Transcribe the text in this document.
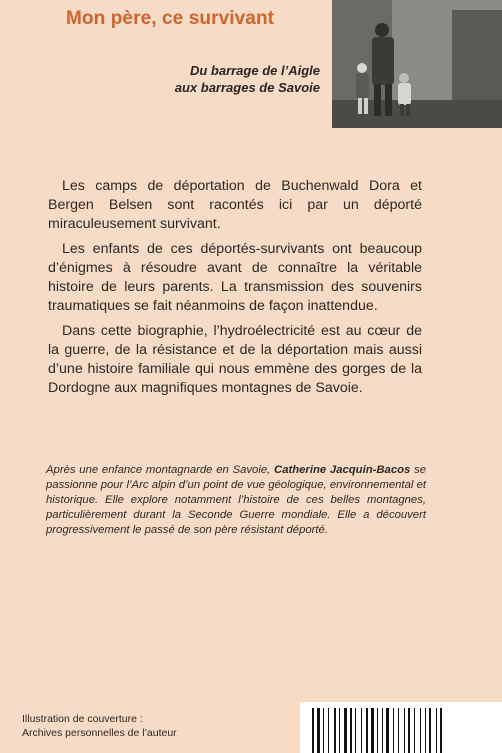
Mon père, ce survivant
Du barrage de l’Aigle
aux barrages de Savoie

Les camps de déportation de Buchenwald Dora et Bergen Belsen sont racontés ici par un déporté miraculeusement survivant.

Les enfants de ces déportés-survivants ont beaucoup d’énigmes à résoudre avant de connaître la véritable histoire de leurs parents. La transmission des souvenirs traumatiques se fait néanmoins de façon inattendue.

Dans cette biographie, l’hydroélectricité est au cœur de la guerre, de la résistance et de la déportation mais aussi d’une histoire familiale qui nous emmène des gorges de la Dordogne aux magnifiques montagnes de Savoie.

Après une enfance montagnarde en Savoie, Catherine Jacquin-Bacos se passionne pour l’Arc alpin d’un point de vue géologique, environnemental et historique. Elle explore notamment l’histoire de ces belles montagnes, particulièrement durant la Seconde Guerre mondiale. Elle a découvert progressivement le passé de son père résistant déporté.
Illustration de couverture :
Archives personnelles de l’auteur
